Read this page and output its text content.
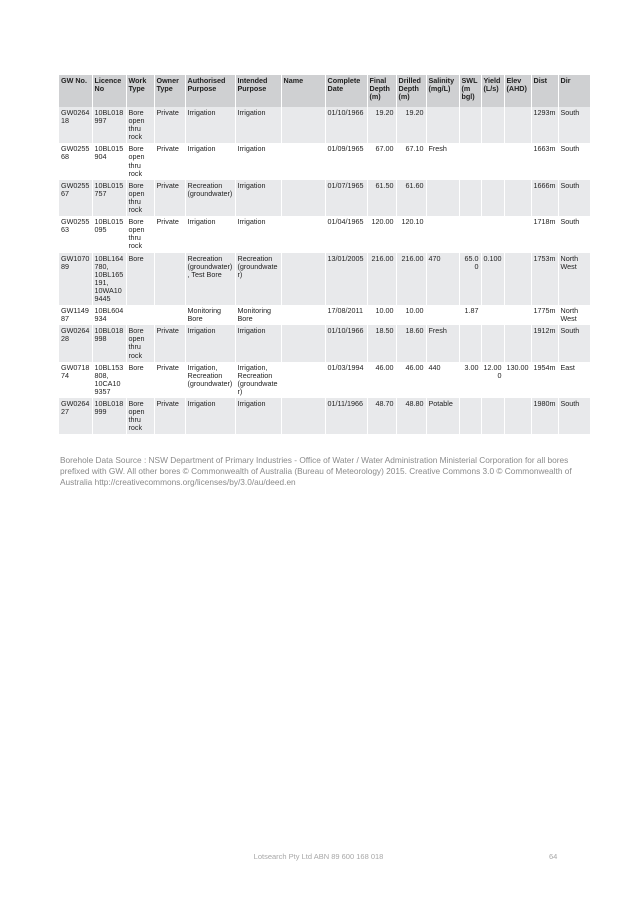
GW No.	Licence No	Work Type	Owner Type	Authorised Purpose	Intended Purpose	Name	Complete Date	Final Depth (m)	Drilled Depth (m)	Salinity (mg/L)	SWL (m bgl)	Yield (L/s)	Elev (AHD)	Dist	Dir
GW026418	10BL018997	Bore open thru rock	Private	Irrigation	Irrigation		01/10/1966	19.20	19.20					1293m	South
GW025568	10BL015904	Bore open thru rock	Private	Irrigation	Irrigation		01/09/1965	67.00	67.10	Fresh				1663m	South
GW025567	10BL015757	Bore open thru rock	Private	Recreation (groundwater)	Irrigation		01/07/1965	61.50	61.60					1666m	South
GW025563	10BL015095	Bore open thru rock	Private	Irrigation	Irrigation		01/04/1965	120.00	120.10					1718m	South
GW107089	10BL164780, 10BL165191, 10WA109445	Bore		Recreation (groundwater), Test Bore	Recreation (groundwater)		13/01/2005	216.00	216.00	470	65.00	0.100		1753m	North West
GW114987	10BL604934			Monitoring Bore	Monitoring Bore		17/08/2011	10.00	10.00		1.87			1775m	North West
GW026428	10BL018998	Bore open thru rock	Private	Irrigation	Irrigation		01/10/1966	18.50	18.60	Fresh				1912m	South
GW071874	10BL153808, 10CA109357	Bore	Private	Irrigation, Recreation (groundwater)	Irrigation, Recreation (groundwater)		01/03/1994	46.00	46.00	440	3.00	12.000	130.00	1954m	East
GW026427	10BL018999	Bore open thru rock	Private	Irrigation	Irrigation		01/11/1966	48.70	48.80	Potable				1980m	South
Borehole Data Source : NSW Department of Primary Industries - Office of Water / Water Administration Ministerial Corporation for all bores prefixed with GW. All other bores © Commonwealth of Australia (Bureau of Meteorology) 2015. Creative Commons 3.0 © Commonwealth of Australia http://creativecommons.org/licenses/by/3.0/au/deed.en
Lotsearch Pty Ltd ABN 89 600 168 018	64
